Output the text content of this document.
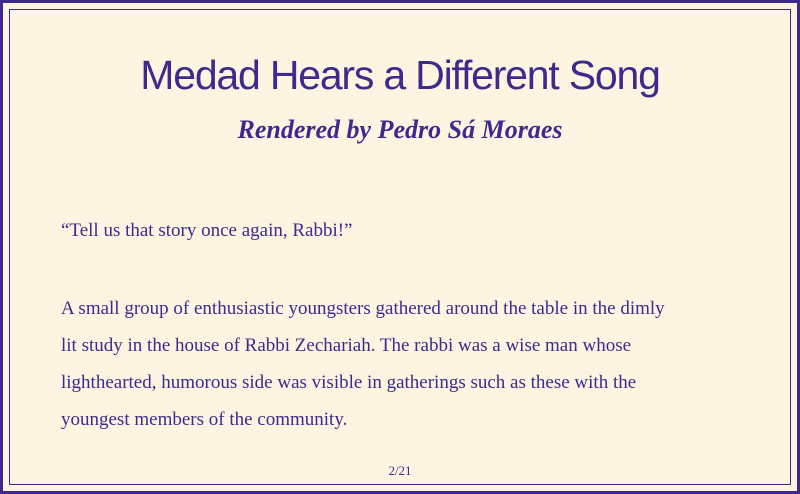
Medad Hears a Different Song
Rendered by Pedro Sá Moraes

“Tell us that story once again, Rabbi!”

A small group of enthusiastic youngsters gathered around the table in the dimly
lit study in the house of Rabbi Zechariah. The rabbi was a wise man whose
lighthearted, humorous side was visible in gatherings such as these with the
youngest members of the community.

2/21
